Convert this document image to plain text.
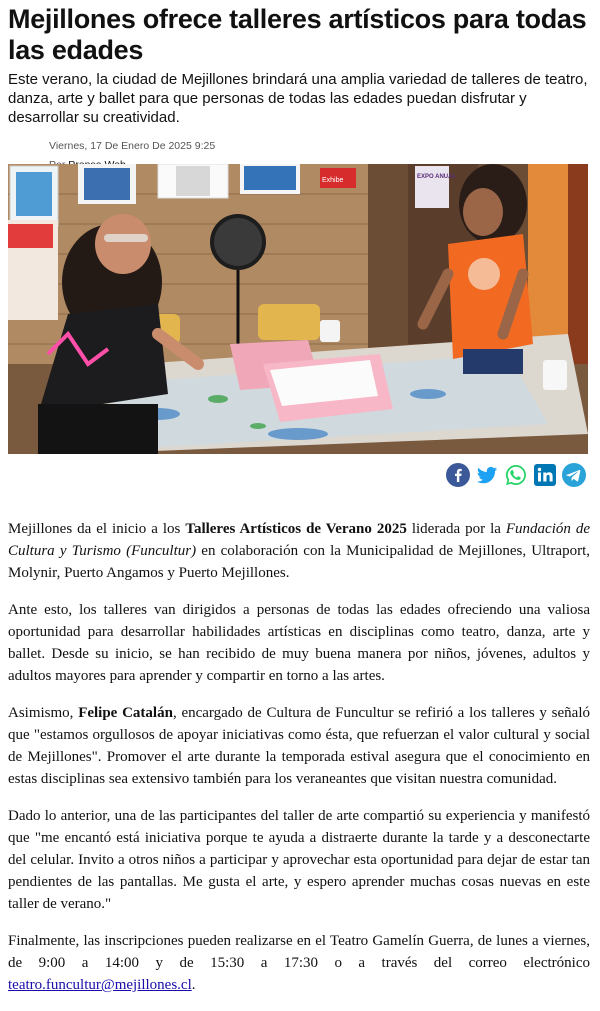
Mejillones ofrece talleres artísticos para todas las edades

Este verano, la ciudad de Mejillones brindará una amplia variedad de talleres de teatro, danza, arte y ballet para que personas de todas las edades puedan disfrutar y desarrollar su creatividad.

Viernes, 17 De Enero De 2025 9:25
Exhibe	EXPO ANUAL

Mejillones da el inicio a los Talleres Artísticos de Verano 2025 liderada por la Fundación de Cultura y Turismo (Funcultur) en colaboración con la Municipalidad de Mejillones, Ultraport, Molynir, Puerto Angamos y Puerto Mejillones.

Ante esto, los talleres van dirigidos a personas de todas las edades ofreciendo una valiosa oportunidad para desarrollar habilidades artísticas en disciplinas como teatro, danza, arte y ballet. Desde su inicio, se han recibido de muy buena manera por niños, jóvenes, adultos y adultos mayores para aprender y compartir en torno a las artes.

Asimismo, Felipe Catalán, encargado de Cultura de Funcultur se refirió a los talleres y señaló que "estamos orgullosos de apoyar iniciativas como ésta, que refuerzan el valor cultural y social de Mejillones". Promover el arte durante la temporada estival asegura que el conocimiento en estas disciplinas sea extensivo también para los veraneantes que visitan nuestra comunidad.

Dado lo anterior, una de las participantes del taller de arte compartió su experiencia y manifestó que "me encantó está iniciativa porque te ayuda a distraerte durante la tarde y a desconectarte del celular. Invito a otros niños a participar y aprovechar esta oportunidad para dejar de estar tan pendientes de las pantallas. Me gusta el arte, y espero aprender muchas cosas nuevas en este taller de verano."

Finalmente, las inscripciones pueden realizarse en el Teatro Gamelín Guerra, de lunes a viernes, de 9:00 a 14:00 y de 15:30 a 17:30 o a través del correo electrónico teatro.funcultur@mejillones.cl.
